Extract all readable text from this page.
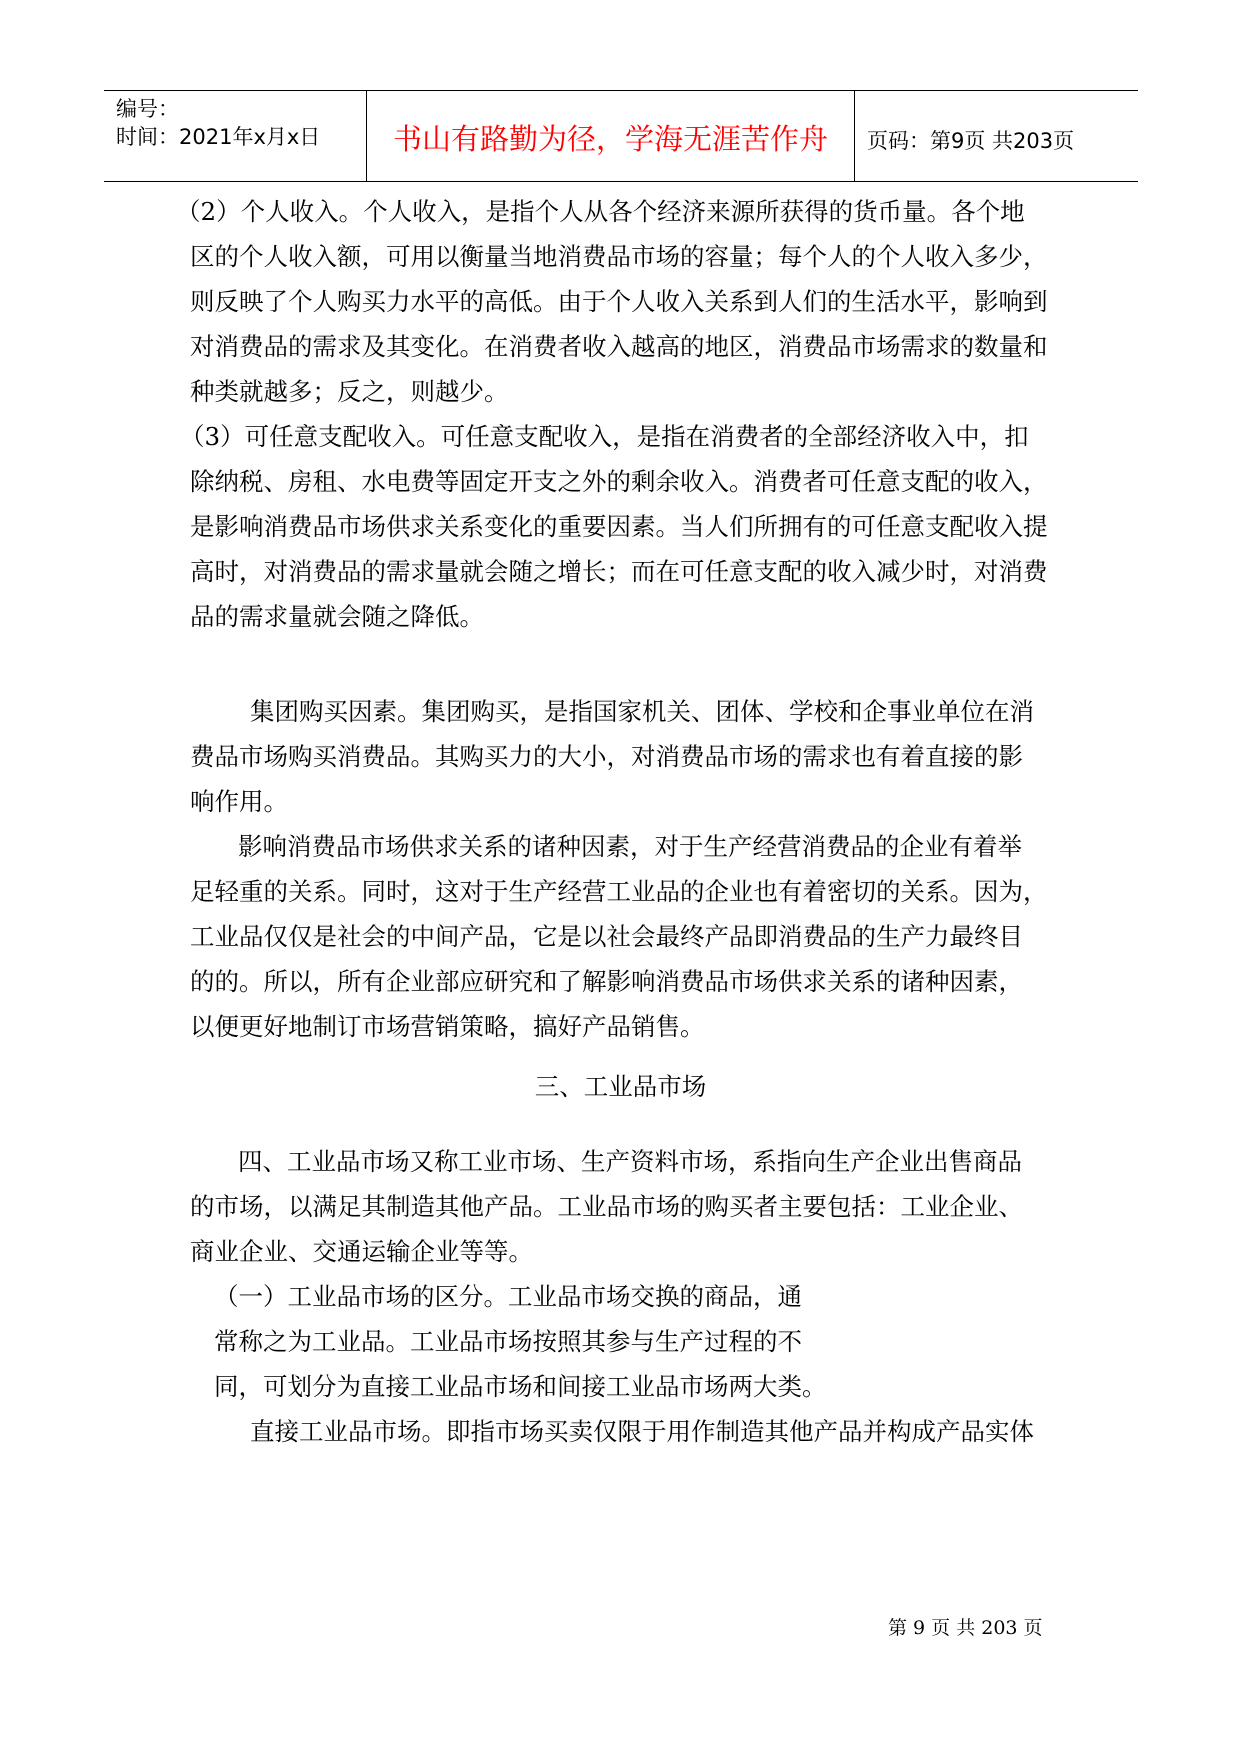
编号：
时间：2021年x月x日	书山有路勤为径，学海无涯苦作舟	页码：第9页 共203页
（2）个人收入。个人收入，是指个人从各个经济来源所获得的货币量。各个地
区的个人收入额，可用以衡量当地消费品市场的容量；每个人的个人收入多少，
则反映了个人购买力水平的高低。由于个人收入关系到人们的生活水平，影响到
对消费品的需求及其变化。在消费者收入越高的地区，消费品市场需求的数量和
种类就越多；反之，则越少。
（3）可任意支配收入。可任意支配收入，是指在消费者的全部经济收入中，扣
除纳税、房租、水电费等固定开支之外的剩余收入。消费者可任意支配的收入，
是影响消费品市场供求关系变化的重要因素。当人们所拥有的可任意支配收入提
高时，对消费品的需求量就会随之增长；而在可任意支配的收入减少时，对消费
品的需求量就会随之降低。
集团购买因素。集团购买，是指国家机关、团体、学校和企事业单位在消
费品市场购买消费品。其购买力的大小，对消费品市场的需求也有着直接的影
响作用。
影响消费品市场供求关系的诸种因素，对于生产经营消费品的企业有着举
足轻重的关系。同时，这对于生产经营工业品的企业也有着密切的关系。因为，
工业品仅仅是社会的中间产品，它是以社会最终产品即消费品的生产力最终目
的的。所以，所有企业部应研究和了解影响消费品市场供求关系的诸种因素，
以便更好地制订市场营销策略，搞好产品销售。
三、工业品市场
四、工业品市场又称工业市场、生产资料市场，系指向生产企业出售商品
的市场，以满足其制造其他产品。工业品市场的购买者主要包括：工业企业、
商业企业、交通运输企业等等。
（一）工业品市场的区分。工业品市场交换的商品，通
常称之为工业品。工业品市场按照其参与生产过程的不
同，可划分为直接工业品市场和间接工业品市场两大类。
直接工业品市场。即指市场买卖仅限于用作制造其他产品并构成产品实体
第 9 页 共 203 页
